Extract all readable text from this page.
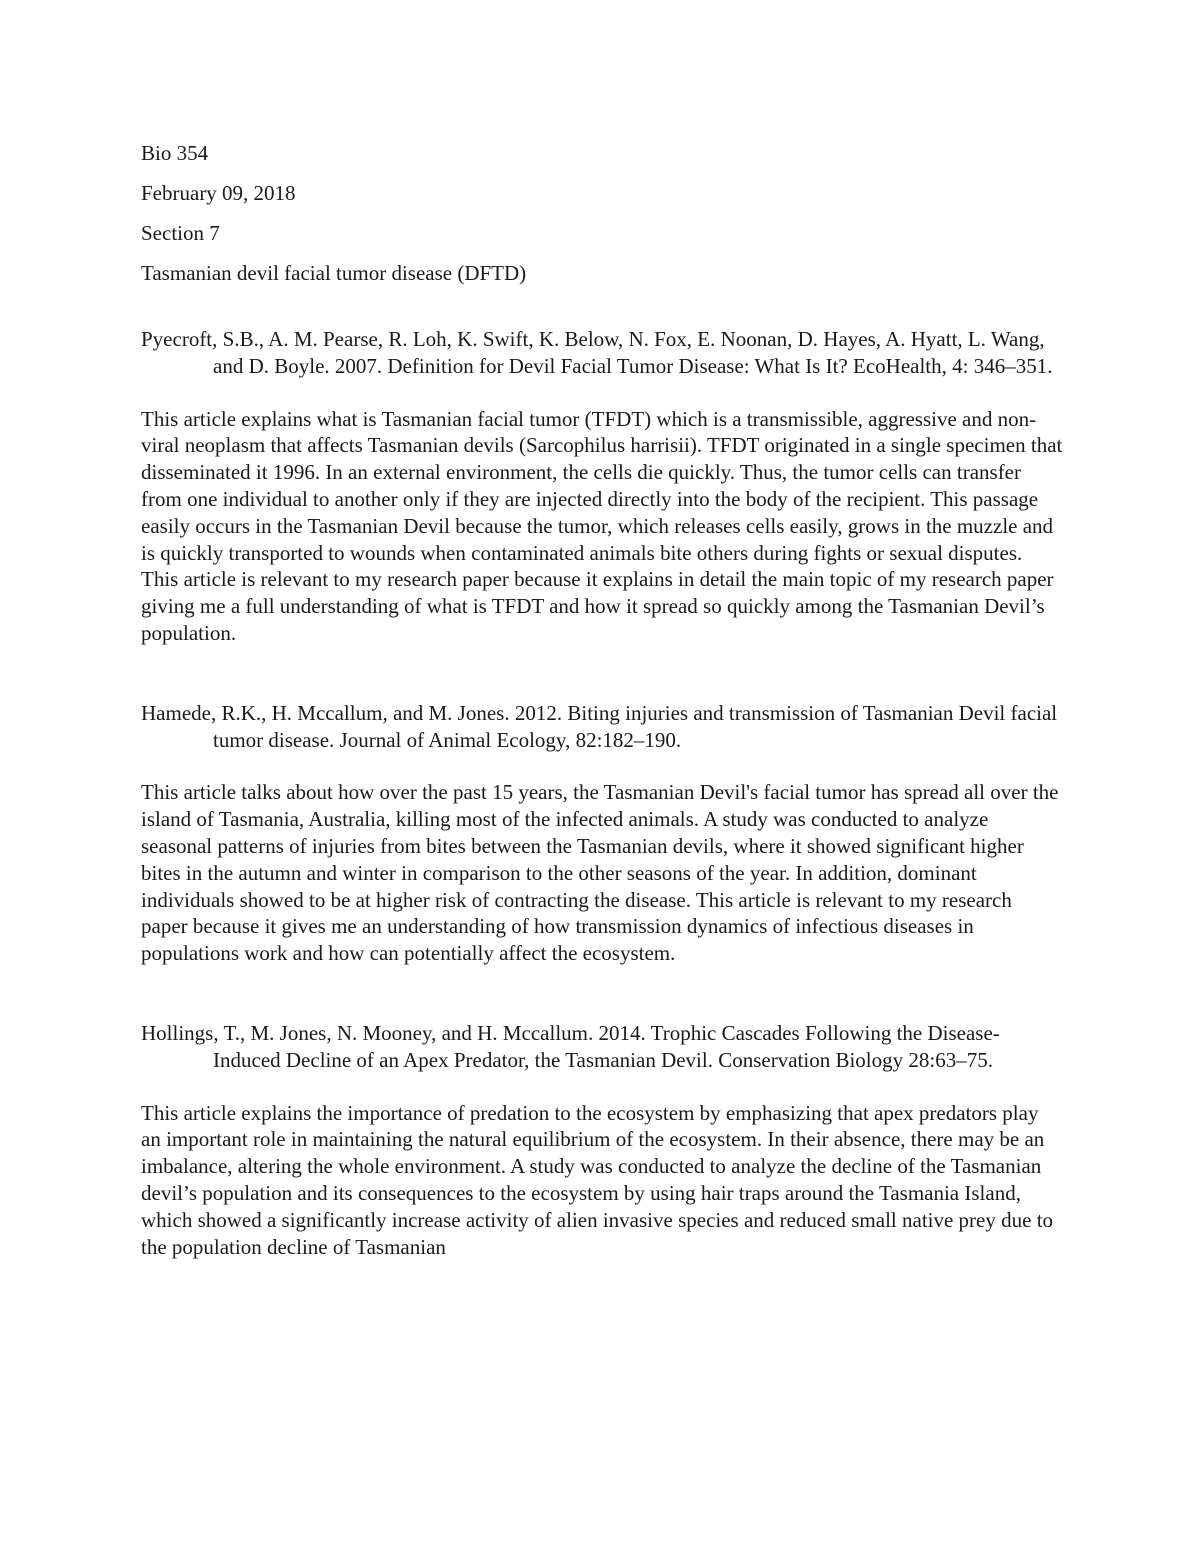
Bio 354

February 09, 2018

Section 7

Tasmanian devil facial tumor disease (DFTD)

Pyecroft, S.B., A. M. Pearse, R. Loh, K. Swift, K. Below, N. Fox, E. Noonan, D. Hayes, A. Hyatt, L. Wang, and D. Boyle. 2007. Definition for Devil Facial Tumor Disease: What Is It? EcoHealth, 4: 346–351.

This article explains what is Tasmanian facial tumor (TFDT) which is a transmissible, aggressive and non-viral neoplasm that affects Tasmanian devils (Sarcophilus harrisii). TFDT originated in a single specimen that disseminated it 1996. In an external environment, the cells die quickly. Thus, the tumor cells can transfer from one individual to another only if they are injected directly into the body of the recipient. This passage easily occurs in the Tasmanian Devil because the tumor, which releases cells easily, grows in the muzzle and is quickly transported to wounds when contaminated animals bite others during fights or sexual disputes. This article is relevant to my research paper because it explains in detail the main topic of my research paper giving me a full understanding of what is TFDT and how it spread so quickly among the Tasmanian Devil’s population.

Hamede, R.K., H. Mccallum, and M. Jones. 2012. Biting injuries and transmission of Tasmanian Devil facial tumor disease. Journal of Animal Ecology, 82:182–190.

This article talks about how over the past 15 years, the Tasmanian Devil's facial tumor has spread all over the island of Tasmania, Australia, killing most of the infected animals. A study was conducted to analyze seasonal patterns of injuries from bites between the Tasmanian devils, where it showed significant higher bites in the autumn and winter in comparison to the other seasons of the year. In addition, dominant individuals showed to be at higher risk of contracting the disease. This article is relevant to my research paper because it gives me an understanding of how transmission dynamics of infectious diseases in populations work and how can potentially affect the ecosystem.

Hollings, T., M. Jones, N. Mooney, and H. Mccallum. 2014. Trophic Cascades Following the Disease-Induced Decline of an Apex Predator, the Tasmanian Devil. Conservation Biology 28:63–75.

This article explains the importance of predation to the ecosystem by emphasizing that apex predators play an important role in maintaining the natural equilibrium of the ecosystem. In their absence, there may be an imbalance, altering the whole environment. A study was conducted to analyze the decline of the Tasmanian devil’s population and its consequences to the ecosystem by using hair traps around the Tasmania Island, which showed a significantly increase activity of alien invasive species and reduced small native prey due to the population decline of Tasmanian
